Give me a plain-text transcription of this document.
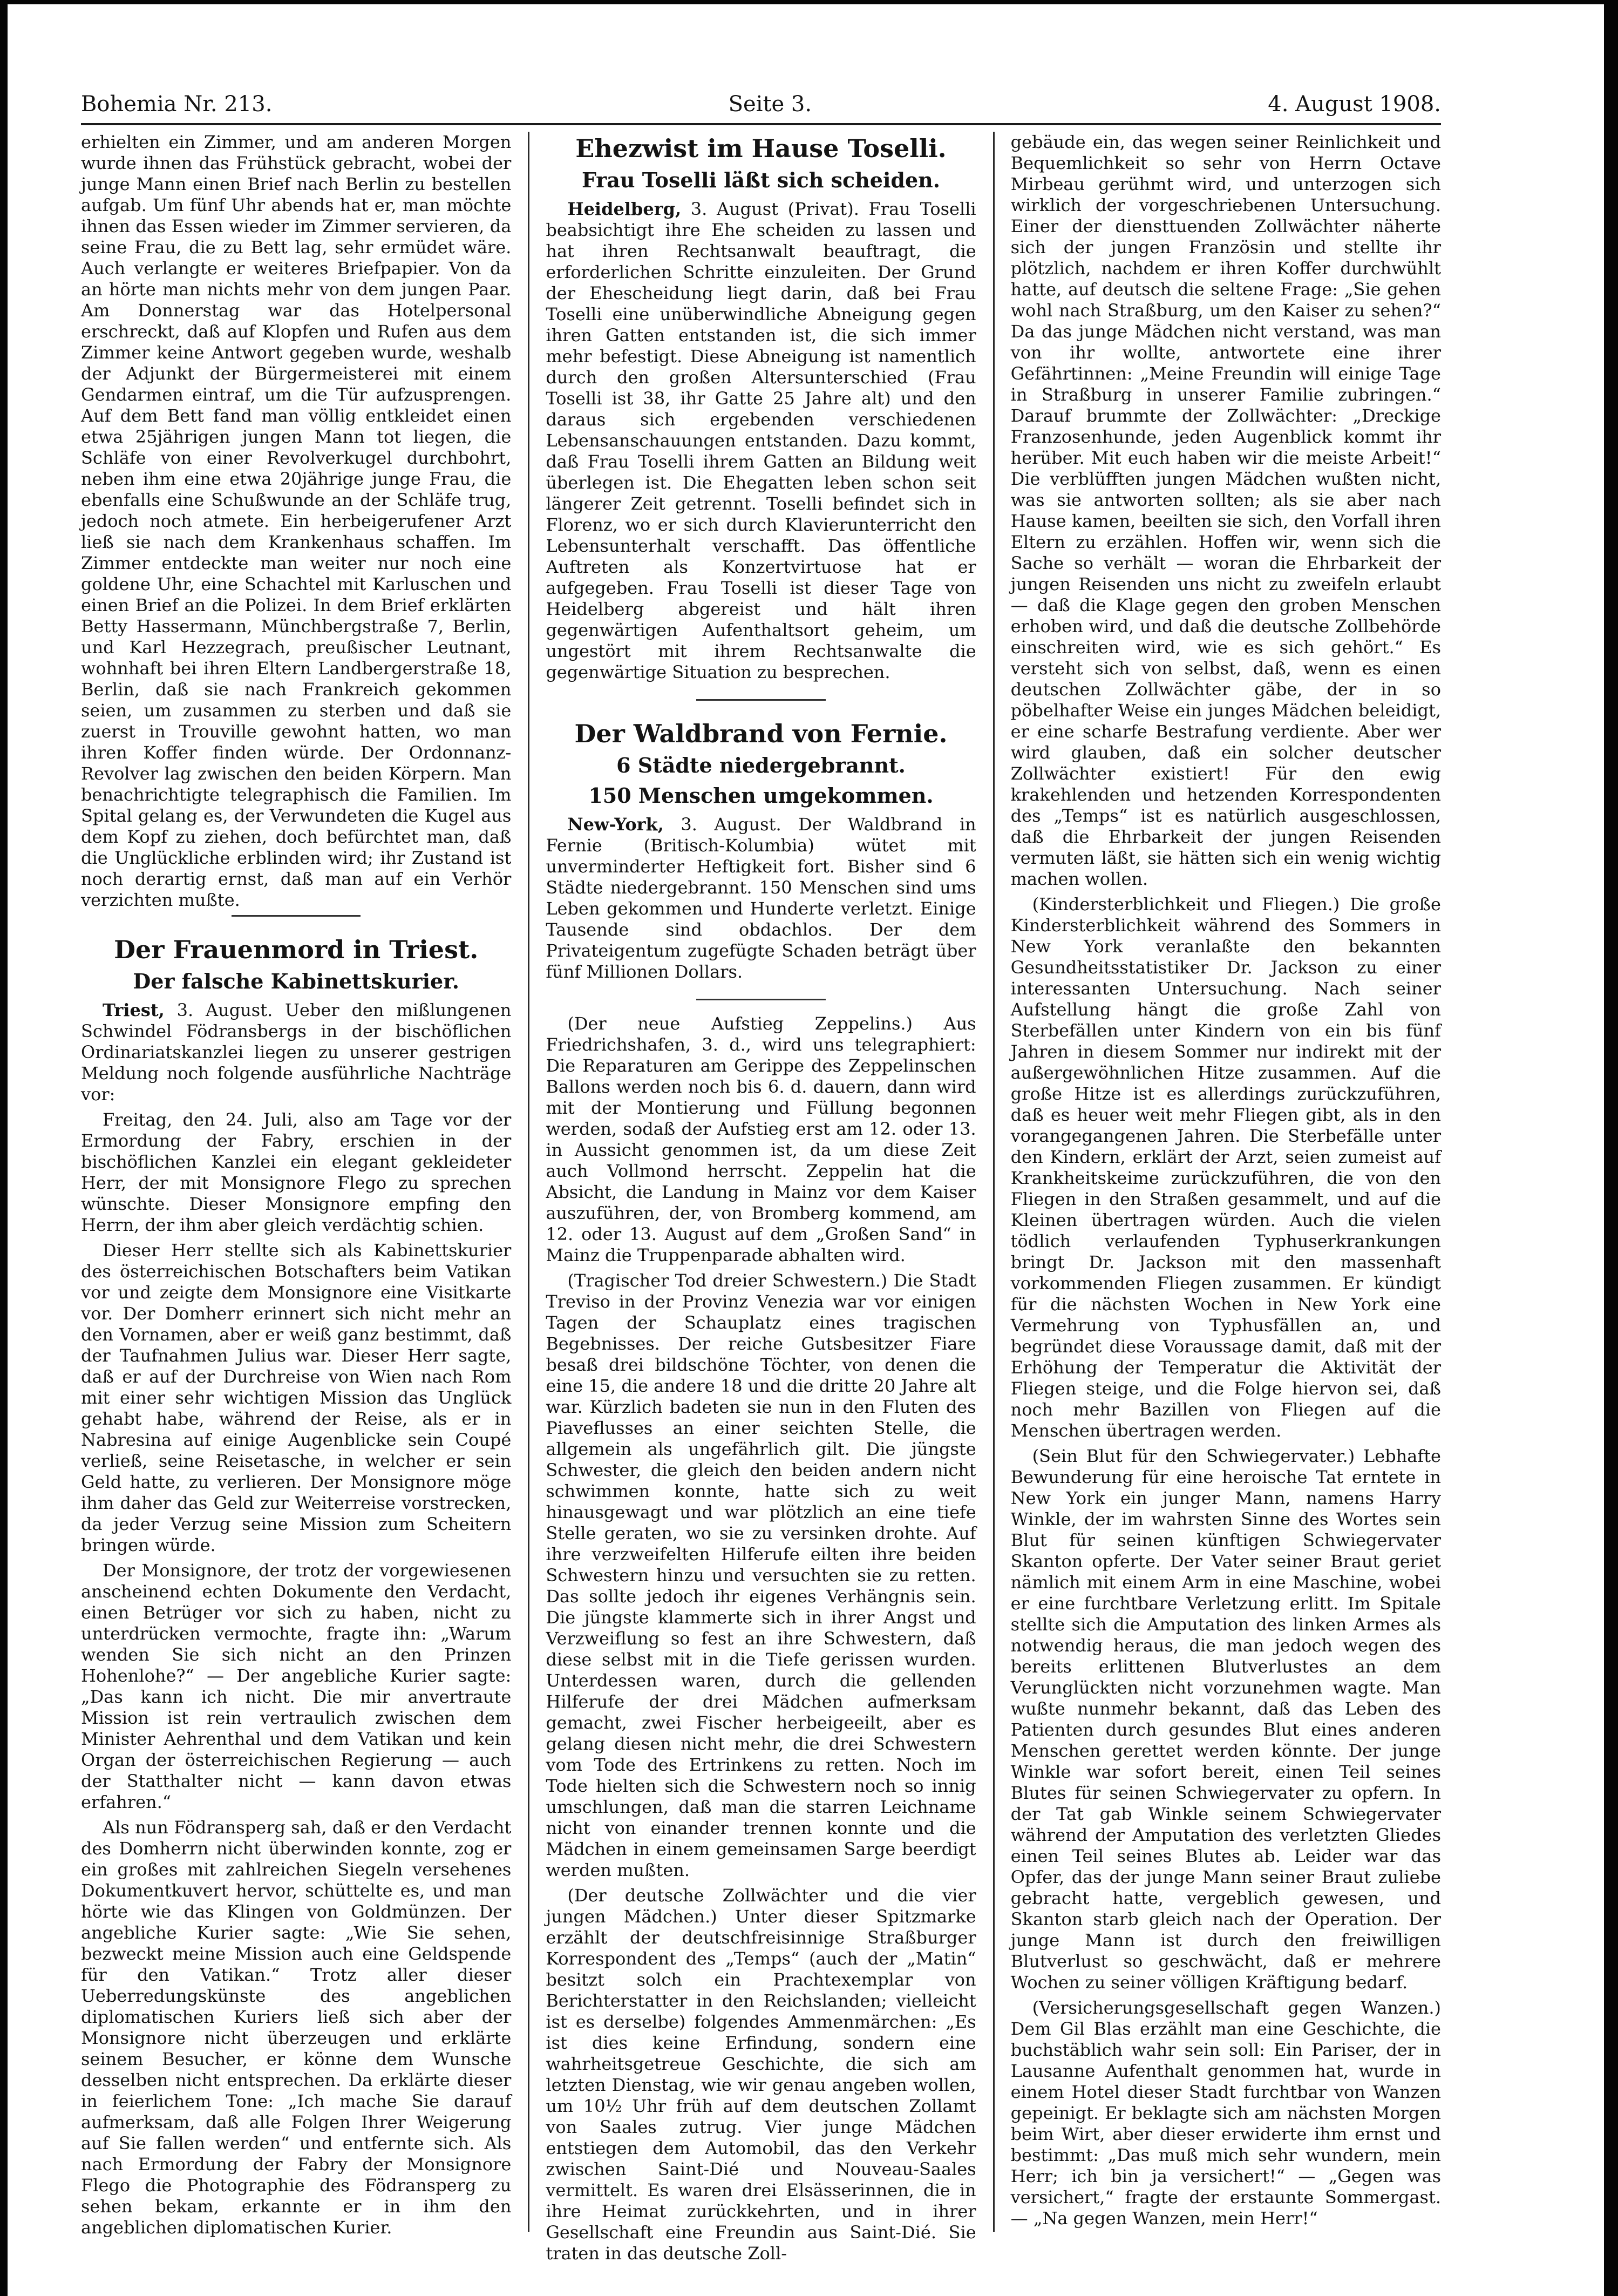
Bohemia Nr. 213.	Seite 3.	4. August 1908.

erhielten ein Zimmer, und am anderen Morgen wurde ihnen das Frühstück gebracht, wobei der junge Mann einen Brief nach Berlin zu bestellen aufgab. Um fünf Uhr abends hat er, man möchte ihnen das Essen wieder im Zimmer servieren, da seine Frau, die zu Bett lag, sehr ermüdet wäre. Auch verlangte er weiteres Briefpapier. Von da an hörte man nichts mehr von dem jungen Paar. Am Donnerstag war das Hotelpersonal erschreckt, daß auf Klopfen und Rufen aus dem Zimmer keine Antwort gegeben wurde, weshalb der Adjunkt der Bürgermeisterei mit einem Gendarmen eintraf, um die Tür aufzusprengen. Auf dem Bett fand man völlig entkleidet einen etwa 25jährigen jungen Mann tot liegen, die Schläfe von einer Revolverkugel durchbohrt, neben ihm eine etwa 20jährige junge Frau, die ebenfalls eine Schußwunde an der Schläfe trug, jedoch noch atmete. Ein herbeigerufener Arzt ließ sie nach dem Krankenhaus schaffen. Im Zimmer entdeckte man weiter nur noch eine goldene Uhr, eine Schachtel mit Karluschen und einen Brief an die Polizei. In dem Brief erklärten Betty Hassermann, Münchbergstraße 7, Berlin, und Karl Hezzegrach, preußischer Leutnant, wohnhaft bei ihren Eltern Landbergerstraße 18, Berlin, daß sie nach Frankreich gekommen seien, um zusammen zu sterben und daß sie zuerst in Trouville gewohnt hatten, wo man ihren Koffer finden würde. Der Ordonnanz-Revolver lag zwischen den beiden Körpern. Man benachrichtigte telegraphisch die Familien. Im Spital gelang es, der Verwundeten die Kugel aus dem Kopf zu ziehen, doch befürchtet man, daß die Unglückliche erblinden wird; ihr Zustand ist noch derartig ernst, daß man auf ein Verhör verzichten mußte.

Der Frauenmord in Triest.
Der falsche Kabinettskurier.

Triest, 3. August. Ueber den mißlungenen Schwindel Födransbergs in der bischöflichen Ordinariatskanzlei liegen zu unserer gestrigen Meldung noch folgende ausführliche Nachträge vor:

Freitag, den 24. Juli, also am Tage vor der Ermordung der Fabry, erschien in der bischöflichen Kanzlei ein elegant gekleideter Herr, der mit Monsignore Flego zu sprechen wünschte. Dieser Monsignore empfing den Herrn, der ihm aber gleich verdächtig schien.

Dieser Herr stellte sich als Kabinettskurier des österreichischen Botschafters beim Vatikan vor und zeigte dem Monsignore eine Visitkarte vor. Der Domherr erinnert sich nicht mehr an den Vornamen, aber er weiß ganz bestimmt, daß der Taufnahmen Julius war. Dieser Herr sagte, daß er auf der Durchreise von Wien nach Rom mit einer sehr wichtigen Mission das Unglück gehabt habe, während der Reise, als er in Nabresina auf einige Augenblicke sein Coupé verließ, seine Reisetasche, in welcher er sein Geld hatte, zu verlieren. Der Monsignore möge ihm daher das Geld zur Weiterreise vorstrecken, da jeder Verzug seine Mission zum Scheitern bringen würde.

Der Monsignore, der trotz der vorgewiesenen anscheinend echten Dokumente den Verdacht, einen Betrüger vor sich zu haben, nicht zu unterdrücken vermochte, fragte ihn: „Warum wenden Sie sich nicht an den Prinzen Hohenlohe?“ — Der angebliche Kurier sagte: „Das kann ich nicht. Die mir anvertraute Mission ist rein vertraulich zwischen dem Minister Aehrenthal und dem Vatikan und kein Organ der österreichischen Regierung — auch der Statthalter nicht — kann davon etwas erfahren.“

Als nun Födransperg sah, daß er den Verdacht des Domherrn nicht überwinden konnte, zog er ein großes mit zahlreichen Siegeln versehenes Dokumentkuvert hervor, schüttelte es, und man hörte wie das Klingen von Goldmünzen. Der angebliche Kurier sagte: „Wie Sie sehen, bezweckt meine Mission auch eine Geldspende für den Vatikan.“ Trotz aller dieser Ueberredungskünste des angeblichen diplomatischen Kuriers ließ sich aber der Monsignore nicht überzeugen und erklärte seinem Besucher, er könne dem Wunsche desselben nicht entsprechen. Da erklärte dieser in feierlichem Tone: „Ich mache Sie darauf aufmerksam, daß alle Folgen Ihrer Weigerung auf Sie fallen werden“ und entfernte sich. Als nach Ermordung der Fabry der Monsignore Flego die Photographie des Födransperg zu sehen bekam, erkannte er in ihm den angeblichen diplomatischen Kurier.

Ehezwist im Hause Toselli.
Frau Toselli läßt sich scheiden.

Heidelberg, 3. August (Privat). Frau Toselli beabsichtigt ihre Ehe scheiden zu lassen und hat ihren Rechtsanwalt beauftragt, die erforderlichen Schritte einzuleiten. Der Grund der Ehescheidung liegt darin, daß bei Frau Toselli eine unüberwindliche Abneigung gegen ihren Gatten entstanden ist, die sich immer mehr befestigt. Diese Abneigung ist namentlich durch den großen Altersunterschied (Frau Toselli ist 38, ihr Gatte 25 Jahre alt) und den daraus sich ergebenden verschiedenen Lebensanschauungen entstanden. Dazu kommt, daß Frau Toselli ihrem Gatten an Bildung weit überlegen ist. Die Ehegatten leben schon seit längerer Zeit getrennt. Toselli befindet sich in Florenz, wo er sich durch Klavierunterricht den Lebensunterhalt verschafft. Das öffentliche Auftreten als Konzertvirtuose hat er aufgegeben. Frau Toselli ist dieser Tage von Heidelberg abgereist und hält ihren gegenwärtigen Aufenthaltsort geheim, um ungestört mit ihrem Rechtsanwalte die gegenwärtige Situation zu besprechen.

Der Waldbrand von Fernie.
6 Städte niedergebrannt.
150 Menschen umgekommen.

New-York, 3. August. Der Waldbrand in Fernie (Britisch-Kolumbia) wütet mit unverminderter Heftigkeit fort. Bisher sind 6 Städte niedergebrannt. 150 Menschen sind ums Leben gekommen und Hunderte verletzt. Einige Tausende sind obdachlos. Der dem Privateigentum zugefügte Schaden beträgt über fünf Millionen Dollars.

(Der neue Aufstieg Zeppelins.) Aus Friedrichshafen, 3. d., wird uns telegraphiert: Die Reparaturen am Gerippe des Zeppelinschen Ballons werden noch bis 6. d. dauern, dann wird mit der Montierung und Füllung begonnen werden, sodaß der Aufstieg erst am 12. oder 13. in Aussicht genommen ist, da um diese Zeit auch Vollmond herrscht. Zeppelin hat die Absicht, die Landung in Mainz vor dem Kaiser auszuführen, der, von Bromberg kommend, am 12. oder 13. August auf dem „Großen Sand“ in Mainz die Truppenparade abhalten wird.

(Tragischer Tod dreier Schwestern.) Die Stadt Treviso in der Provinz Venezia war vor einigen Tagen der Schauplatz eines tragischen Begebnisses. Der reiche Gutsbesitzer Fiare besaß drei bildschöne Töchter, von denen die eine 15, die andere 18 und die dritte 20 Jahre alt war. Kürzlich badeten sie nun in den Fluten des Piaveflusses an einer seichten Stelle, die allgemein als ungefährlich gilt. Die jüngste Schwester, die gleich den beiden andern nicht schwimmen konnte, hatte sich zu weit hinausgewagt und war plötzlich an eine tiefe Stelle geraten, wo sie zu versinken drohte. Auf ihre verzweifelten Hilferufe eilten ihre beiden Schwestern hinzu und versuchten sie zu retten. Das sollte jedoch ihr eigenes Verhängnis sein. Die jüngste klammerte sich in ihrer Angst und Verzweiflung so fest an ihre Schwestern, daß diese selbst mit in die Tiefe gerissen wurden. Unterdessen waren, durch die gellenden Hilferufe der drei Mädchen aufmerksam gemacht, zwei Fischer herbeigeeilt, aber es gelang diesen nicht mehr, die drei Schwestern vom Tode des Ertrinkens zu retten. Noch im Tode hielten sich die Schwestern noch so innig umschlungen, daß man die starren Leichname nicht von einander trennen konnte und die Mädchen in einem gemeinsamen Sarge beerdigt werden mußten.

(Der deutsche Zollwächter und die vier jungen Mädchen.) Unter dieser Spitzmarke erzählt der deutschfreisinnige Straßburger Korrespondent des „Temps“ (auch der „Matin“ besitzt solch ein Prachtexemplar von Berichterstatter in den Reichslanden; vielleicht ist es derselbe) folgendes Ammenmärchen: „Es ist dies keine Erfindung, sondern eine wahrheitsgetreue Geschichte, die sich am letzten Dienstag, wie wir genau angeben wollen, um 10½ Uhr früh auf dem deutschen Zollamt von Saales zutrug. Vier junge Mädchen entstiegen dem Automobil, das den Verkehr zwischen Saint-Dié und Nouveau-Saales vermittelt. Es waren drei Elsässerinnen, die in ihre Heimat zurückkehrten, und in ihrer Gesellschaft eine Freundin aus Saint-Dié. Sie traten in das deutsche Zoll-

gebäude ein, das wegen seiner Reinlichkeit und Bequemlichkeit so sehr von Herrn Octave Mirbeau gerühmt wird, und unterzogen sich wirklich der vorgeschriebenen Untersuchung. Einer der diensttuenden Zollwächter näherte sich der jungen Französin und stellte ihr plötzlich, nachdem er ihren Koffer durchwühlt hatte, auf deutsch die seltene Frage: „Sie gehen wohl nach Straßburg, um den Kaiser zu sehen?“ Da das junge Mädchen nicht verstand, was man von ihr wollte, antwortete eine ihrer Gefährtinnen: „Meine Freundin will einige Tage in Straßburg in unserer Familie zubringen.“ Darauf brummte der Zollwächter: „Dreckige Franzosenhunde, jeden Augenblick kommt ihr herüber. Mit euch haben wir die meiste Arbeit!“ Die verblüfften jungen Mädchen wußten nicht, was sie antworten sollten; als sie aber nach Hause kamen, beeilten sie sich, den Vorfall ihren Eltern zu erzählen. Hoffen wir, wenn sich die Sache so verhält — woran die Ehrbarkeit der jungen Reisenden uns nicht zu zweifeln erlaubt — daß die Klage gegen den groben Menschen erhoben wird, und daß die deutsche Zollbehörde einschreiten wird, wie es sich gehört.“ Es versteht sich von selbst, daß, wenn es einen deutschen Zollwächter gäbe, der in so pöbelhafter Weise ein junges Mädchen beleidigt, er eine scharfe Bestrafung verdiente. Aber wer wird glauben, daß ein solcher deutscher Zollwächter existiert! Für den ewig krakehlenden und hetzenden Korrespondenten des „Temps“ ist es natürlich ausgeschlossen, daß die Ehrbarkeit der jungen Reisenden vermuten läßt, sie hätten sich ein wenig wichtig machen wollen.

(Kindersterblichkeit und Fliegen.) Die große Kindersterblichkeit während des Sommers in New York veranlaßte den bekannten Gesundheitsstatistiker Dr. Jackson zu einer interessanten Untersuchung. Nach seiner Aufstellung hängt die große Zahl von Sterbefällen unter Kindern von ein bis fünf Jahren in diesem Sommer nur indirekt mit der außergewöhnlichen Hitze zusammen. Auf die große Hitze ist es allerdings zurückzuführen, daß es heuer weit mehr Fliegen gibt, als in den vorangegangenen Jahren. Die Sterbefälle unter den Kindern, erklärt der Arzt, seien zumeist auf Krankheitskeime zurückzuführen, die von den Fliegen in den Straßen gesammelt, und auf die Kleinen übertragen würden. Auch die vielen tödlich verlaufenden Typhuserkrankungen bringt Dr. Jackson mit den massenhaft vorkommenden Fliegen zusammen. Er kündigt für die nächsten Wochen in New York eine Vermehrung von Typhusfällen an, und begründet diese Voraussage damit, daß mit der Erhöhung der Temperatur die Aktivität der Fliegen steige, und die Folge hiervon sei, daß noch mehr Bazillen von Fliegen auf die Menschen übertragen werden.

(Sein Blut für den Schwiegervater.) Lebhafte Bewunderung für eine heroische Tat erntete in New York ein junger Mann, namens Harry Winkle, der im wahrsten Sinne des Wortes sein Blut für seinen künftigen Schwiegervater Skanton opferte. Der Vater seiner Braut geriet nämlich mit einem Arm in eine Maschine, wobei er eine furchtbare Verletzung erlitt. Im Spitale stellte sich die Amputation des linken Armes als notwendig heraus, die man jedoch wegen des bereits erlittenen Blutverlustes an dem Verunglückten nicht vorzunehmen wagte. Man wußte nunmehr bekannt, daß das Leben des Patienten durch gesundes Blut eines anderen Menschen gerettet werden könnte. Der junge Winkle war sofort bereit, einen Teil seines Blutes für seinen Schwiegervater zu opfern. In der Tat gab Winkle seinem Schwiegervater während der Amputation des verletzten Gliedes einen Teil seines Blutes ab. Leider war das Opfer, das der junge Mann seiner Braut zuliebe gebracht hatte, vergeblich gewesen, und Skanton starb gleich nach der Operation. Der junge Mann ist durch den freiwilligen Blutverlust so geschwächt, daß er mehrere Wochen zu seiner völligen Kräftigung bedarf.

(Versicherungsgesellschaft gegen Wanzen.) Dem Gil Blas erzählt man eine Geschichte, die buchstäblich wahr sein soll: Ein Pariser, der in Lausanne Aufenthalt genommen hat, wurde in einem Hotel dieser Stadt furchtbar von Wanzen gepeinigt. Er beklagte sich am nächsten Morgen beim Wirt, aber dieser erwiderte ihm ernst und bestimmt: „Das muß mich sehr wundern, mein Herr; ich bin ja versichert!“ — „Gegen was versichert,“ fragte der erstaunte Sommergast. — „Na gegen Wanzen, mein Herr!“
